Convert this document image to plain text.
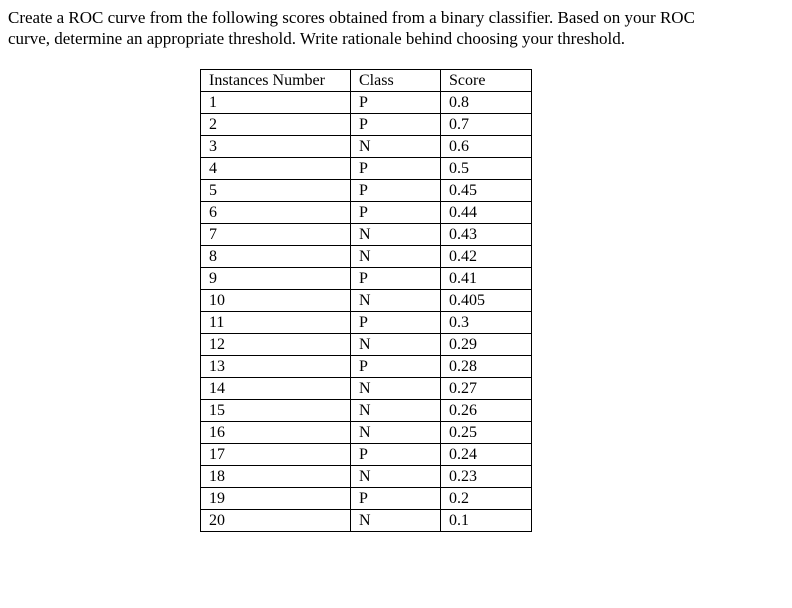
Create a ROC curve from the following scores obtained from a binary classifier. Based on your ROC
curve, determine an appropriate threshold. Write rationale behind choosing your threshold.
Instances Number	Class	Score
1	P	0.8
2	P	0.7
3	N	0.6
4	P	0.5
5	P	0.45
6	P	0.44
7	N	0.43
8	N	0.42
9	P	0.41
10	N	0.405
11	P	0.3
12	N	0.29
13	P	0.28
14	N	0.27
15	N	0.26
16	N	0.25
17	P	0.24
18	N	0.23
19	P	0.2
20	N	0.1
